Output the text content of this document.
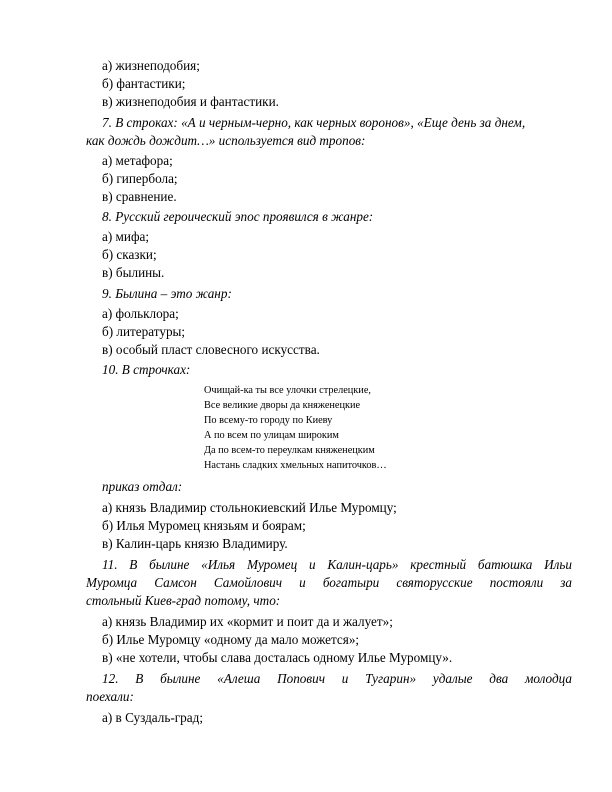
а) жизнеподобия;
б) фантастики;
в) жизнеподобия и фантастики.
7. В строках: «А и черным-черно, как черных воронов», «Еще день за днем,
как дождь дождит…» используется вид тропов:
а) метафора;
б) гипербола;
в) сравнение.
8. Русский героический эпос проявился в жанре:
а) мифа;
б) сказки;
в) былины.
9. Былина – это жанр:
а) фольклора;
б) литературы;
в) особый пласт словесного искусства.
10. В строчках:
Очищай-ка ты все улочки стрелецкие,
Все великие дворы да княженецкие
По всему-то городу по Киеву
А по всем по улицам широким
Да по всем-то переулкам княженецким
Настань сладких хмельных напиточков…
приказ отдал:
а) князь Владимир стольнокиевский Илье Муромцу;
б) Илья Муромец князьям и боярам;
в) Калин-царь князю Владимиру.
11. В былине «Илья Муромец и Калин-царь» крестный батюшка Ильи
Муромца Самсон Самойлович и богатыри святорусские постояли за
стольный Киев-град потому, что:
а) князь Владимир их «кормит и поит да и жалует»;
б) Илье Муромцу «одному да мало можется»;
в) «не хотели, чтобы слава досталась одному Илье Муромцу».
12. В былине «Алеша Попович и Тугарин» удалые два молодца
поехали:
а) в Суздаль-град;
